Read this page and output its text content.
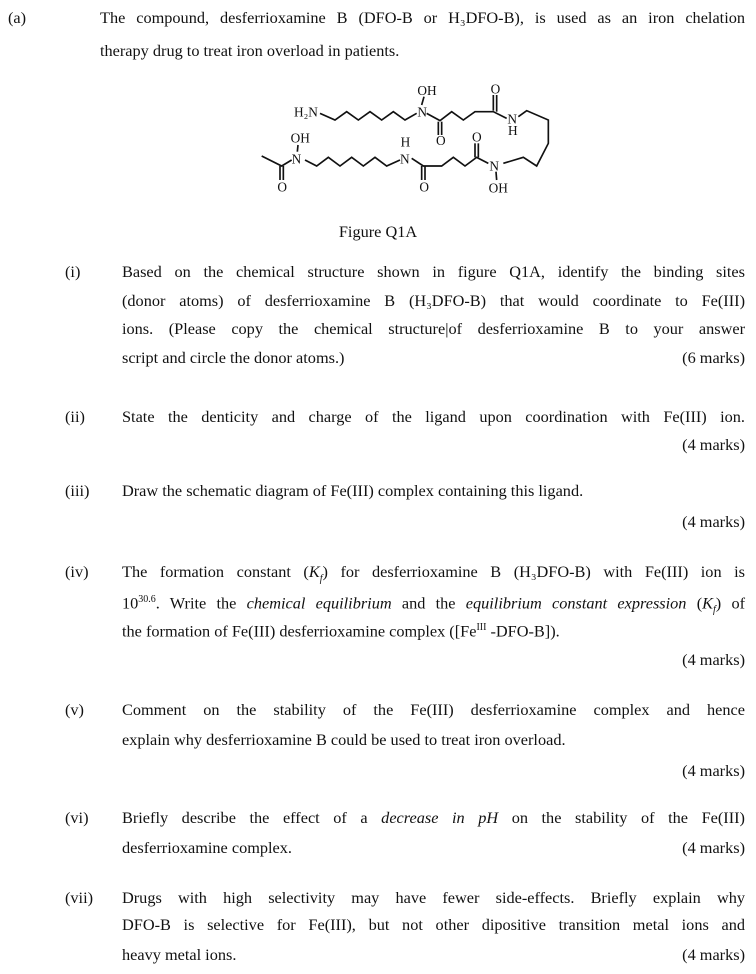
(a)	The compound, desferrioxamine B (DFO-B or H₃DFO-B), is used as an iron chelation
therapy drug to treat iron overload in patients.
H₂N N
OH
O
O
N
H
O
N
OH
O
N
H
N
OH
O
Figure Q1A
(i)	Based on the chemical structure shown in figure Q1A, identify the binding sites
(donor atoms) of desferrioxamine B (H₃DFO-B) that would coordinate to Fe(III)
ions. (Please copy the chemical structure|of desferrioxamine B to your answer
script and circle the donor atoms.)	(6 marks)
(ii) State the denticity and charge of the ligand upon coordination with Fe(III) ion.
(4 marks)
(iii) Draw the schematic diagram of Fe(III) complex containing this ligand.
(4 marks)
(iv) The formation constant $(K_f)$ for desferrioxamine B (H₃DFO-B) with Fe(III) ion is
$10^{30.6}$. Write the chemical equilibrium and the equilibrium constant expression $(K_f)$ of
the formation of Fe(III) desferrioxamine complex ([$Fe^{III}$ -DFO-B]).
(4 marks)
(v) Comment on the stability of the Fe(III) desferrioxamine complex and hence
explain why desferrioxamine B could be used to treat iron overload.
(4 marks)
(vi) Briefly describe the effect of a decrease in pH on the stability of the Fe(III)
desferrioxamine complex.	(4 marks)
(vii) Drugs with high selectivity may have fewer side-effects. Briefly explain why
DFO-B is selective for Fe(III), but not other dipositive transition metal ions and
heavy metal ions.	(4 marks)
